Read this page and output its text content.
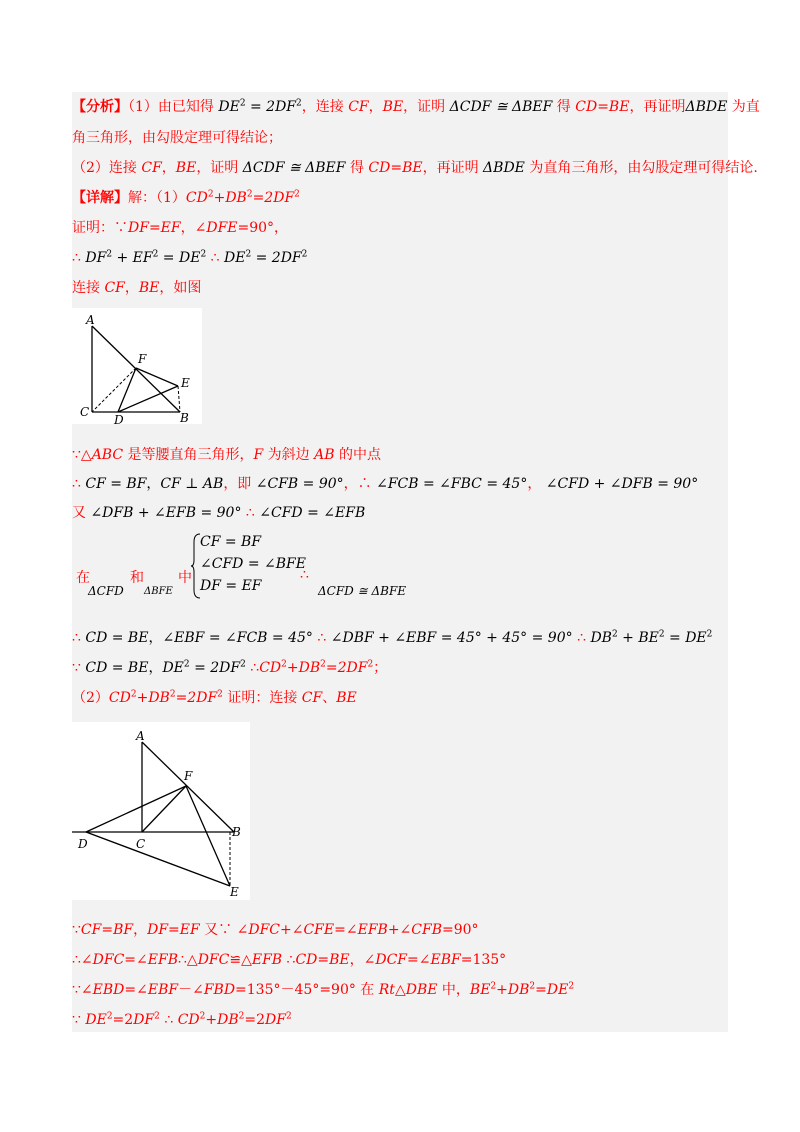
【分析】（1）由已知得 $DE^2 = 2DF^2$，连接 CF，BE，证明 ΔCDF ≅ ΔBEF 得 CD=BE，再证明ΔBDE 为直
角三角形，由勾股定理可得结论；
（2）连接 CF，BE，证明 ΔCDF ≅ ΔBEF 得 CD=BE，再证明 ΔBDE 为直角三角形，由勾股定理可得结论.
【详解】解：$(1)CD^2+DB^2=2DF^2$
证明：∵DF=EF，∠DFE=90°，
∴ $DF^2 + EF^2 = DE^2$ ∴ $DE^2 = 2DF^2$
连接 CF，BE，如图
A
F
E
C
D	B
∵△ABC 是等腰直角三角形，F 为斜边 AB 的中点
∴ CF = BF，CF ⊥ AB，即 ∠CFB = 90°，∴ ∠FCB = ∠FBC = 45°， ∠CFD + ∠DFB = 90°
又 ∠DFB + ∠EFB = 90° ∴ ∠CFD = ∠EFB
在
ΔCFD
和
ΔBFE
中
CF = BF
∠CFD = ∠BFE
DF = EF
∴
ΔCFD ≅ ΔBFE
∴ CD = BE，∠EBF = ∠FCB = 45° ∴ ∠DBF + ∠EBF = 45° + 45° = 90° ∴ $DB^2 + BE^2 = DE^2$
∵ CD = BE，$DE^2 = 2DF^2$ $\therefore CD^2+DB^2=2DF^2$；
$(2)CD^2+DB^2=2DF^2$ 证明：连接 CF、BE
A
F
D	C
B
E
∵CF=BF，DF=EF 又∵ ∠DFC+∠CFE=∠EFB+∠CFB=90°
∴∠DFC=∠EFB∴△DFC≌△EFB ∴CD=BE，∠DCF=∠EBF=135°
∵∠EBD=∠EBF－∠FBD=135°－45°=90° 在 Rt△DBE 中，$BE^2+DB^2=DE^2$
∵ $DE^2=2DF^2$ ∴ $CD^2+DB^2=2DF^2$
